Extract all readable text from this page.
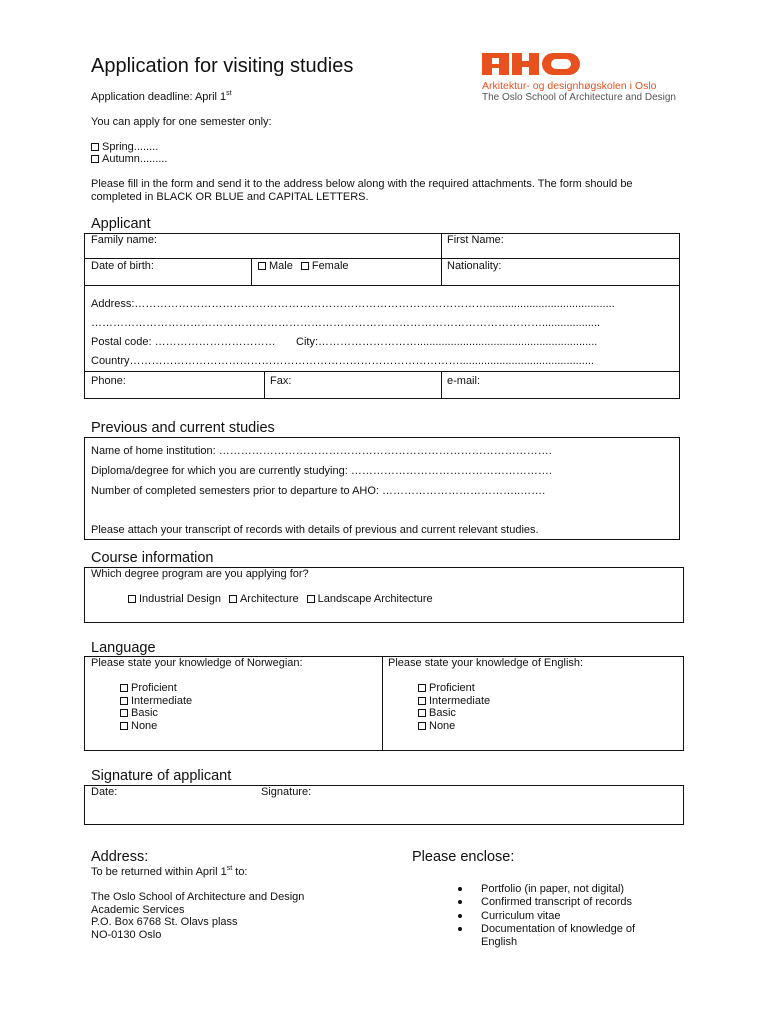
Application for visiting studies
Arkitektur- og designhøgskolen i Oslo
The Oslo School of Architecture and Design
Application deadline: April 1st
You can apply for one semester only:
Spring........
Autumn.........
Please fill in the form and send it to the address below along with the required attachments. The form should be completed in BLACK OR BLUE and CAPITAL LETTERS.
Applicant
Family name:	First Name:
Date of birth:	Male Female	Nationality:
Address:……………………………………………………………………………………..........................................
……………………………………………………………………………………………………………...................
Postal code: …………………………… City:………………………...........................................................
Country………………………………………………………………………………............................................
Phone:	Fax:	e-mail:
Previous and current studies
Name of home institution: ……………………………………………………………………………….
Diploma/degree for which you are currently studying: ……………………………………………….
Number of completed semesters prior to departure to AHO: ………………………………..…….
Please attach your transcript of records with details of previous and current relevant studies.
Course information
Which degree program are you applying for?
Industrial Design Architecture Landscape Architecture
Language
Please state your knowledge of Norwegian:	Please state your knowledge of English:
Proficient
Intermediate
Basic
None
Proficient
Intermediate
Basic
None
Signature of applicant
Date:	Signature:
Address:
To be returned within April 1st to:
The Oslo School of Architecture and Design
Academic Services
P.O. Box 6768 St. Olavs plass
NO-0130 Oslo
Please enclose:
Portfolio (in paper, not digital)
Confirmed transcript of records
Curriculum vitae
Documentation of knowledge of English
